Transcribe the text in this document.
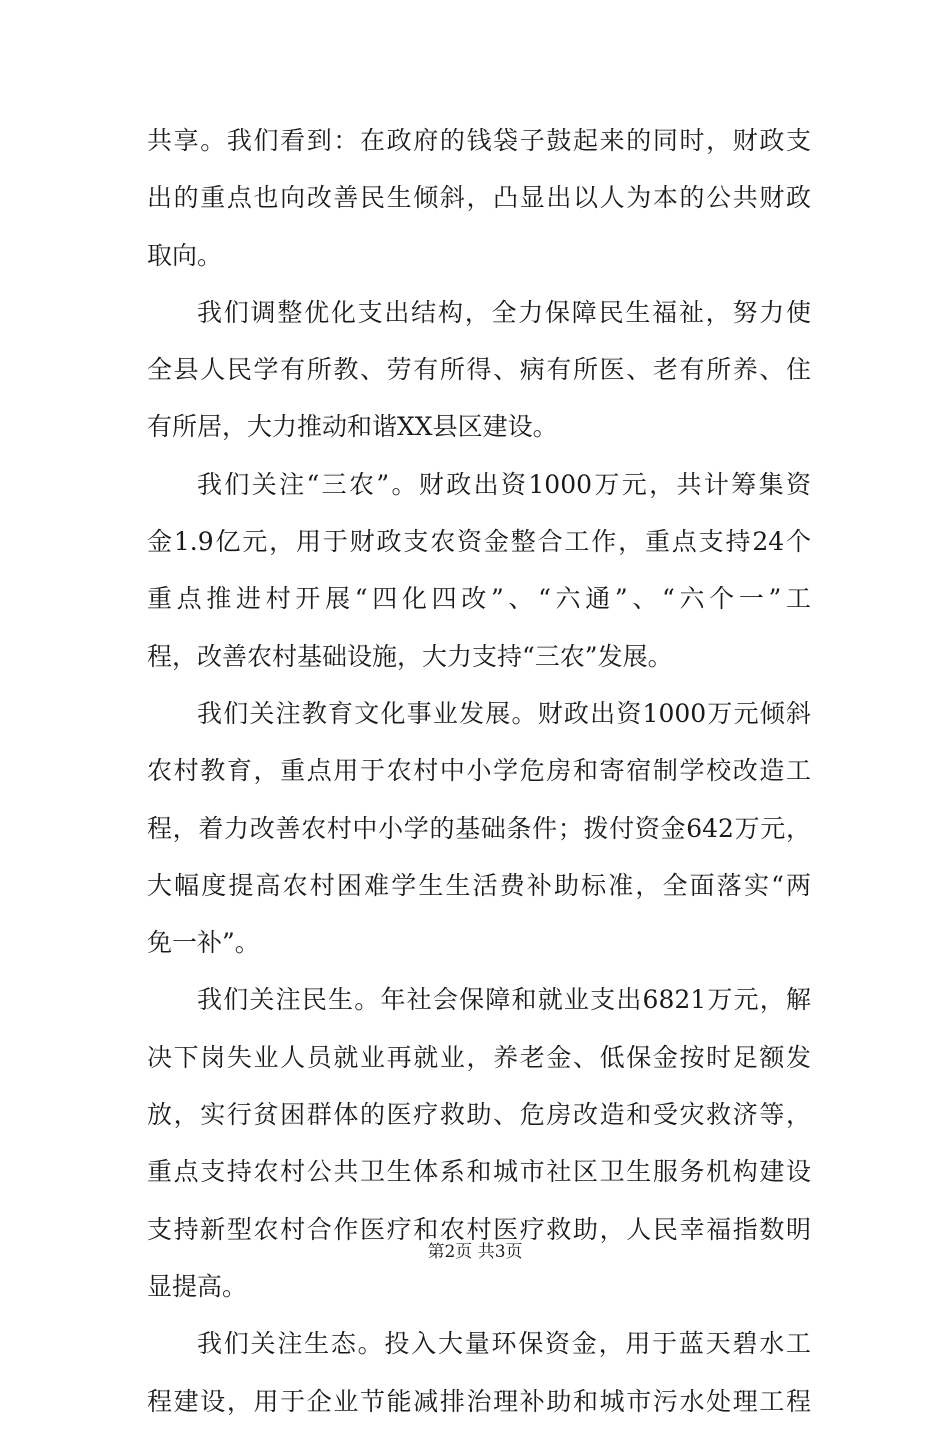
共享。我们看到：在政府的钱袋子鼓起来的同时，财政支
出的重点也向改善民生倾斜，凸显出以人为本的公共财政
取向。
我们调整优化支出结构，全力保障民生福祉，努力使
全县人民学有所教、劳有所得、病有所医、老有所养、住
有所居，大力推动和谐XX县区建设。
我们关注“三农”。财政出资1000万元，共计筹集资
金1.9亿元，用于财政支农资金整合工作，重点支持24个
重点推进村开展“四化四改”、“六通”、“六个一”工
程，改善农村基础设施，大力支持“三农”发展。
我们关注教育文化事业发展。财政出资1000万元倾斜
农村教育，重点用于农村中小学危房和寄宿制学校改造工
程，着力改善农村中小学的基础条件；拨付资金642万元，
大幅度提高农村困难学生生活费补助标准，全面落实“两
免一补”。
我们关注民生。年社会保障和就业支出6821万元，解
决下岗失业人员就业再就业，养老金、低保金按时足额发
放，实行贫困群体的医疗救助、危房改造和受灾救济等，
重点支持农村公共卫生体系和城市社区卫生服务机构建设
支持新型农村合作医疗和农村医疗救助，人民幸福指数明
显提高。
我们关注生态。投入大量环保资金，用于蓝天碧水工
程建设，用于企业节能减排治理补助和城市污水处理工程
第2页 共3页
